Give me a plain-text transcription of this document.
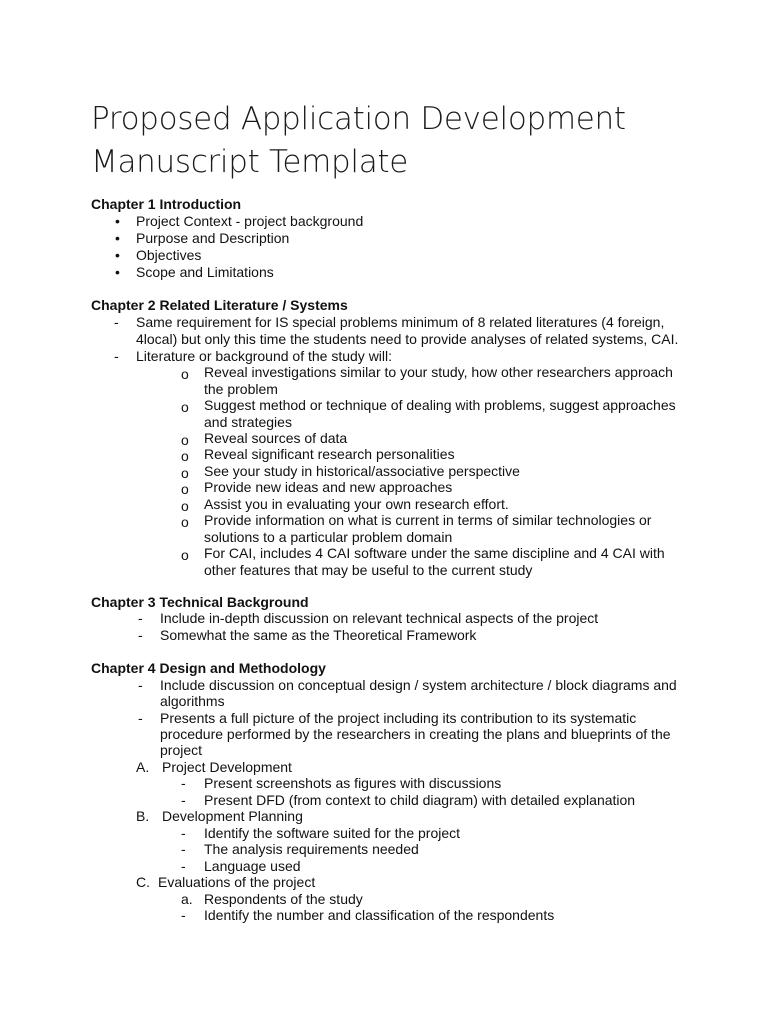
Proposed Application Development
Manuscript Template
Chapter 1 Introduction
• Project Context - project background
• Purpose and Description
• Objectives
• Scope and Limitations
Chapter 2 Related Literature / Systems
- Same requirement for IS special problems minimum of 8 related literatures (4 foreign,
4local) but only this time the students need to provide analyses of related systems, CAI.
- Literature or background of the study will:
o Reveal investigations similar to your study, how other researchers approach
the problem
o Suggest method or technique of dealing with problems, suggest approaches
and strategies
o Reveal sources of data
o Reveal significant research personalities
o See your study in historical/associative perspective
o Provide new ideas and new approaches
o Assist you in evaluating your own research effort.
o Provide information on what is current in terms of similar technologies or
solutions to a particular problem domain
o For CAI, includes 4 CAI software under the same discipline and 4 CAI with
other features that may be useful to the current study
Chapter 3 Technical Background
- Include in-depth discussion on relevant technical aspects of the project
- Somewhat the same as the Theoretical Framework
Chapter 4 Design and Methodology
- Include discussion on conceptual design / system architecture / block diagrams and
algorithms
- Presents a full picture of the project including its contribution to its systematic
procedure performed by the researchers in creating the plans and blueprints of the
project
A. Project Development
- Present screenshots as figures with discussions
- Present DFD (from context to child diagram) with detailed explanation
B. Development Planning
- Identify the software suited for the project
- The analysis requirements needed
- Language used
C. Evaluations of the project
a. Respondents of the study
- Identify the number and classification of the respondents
